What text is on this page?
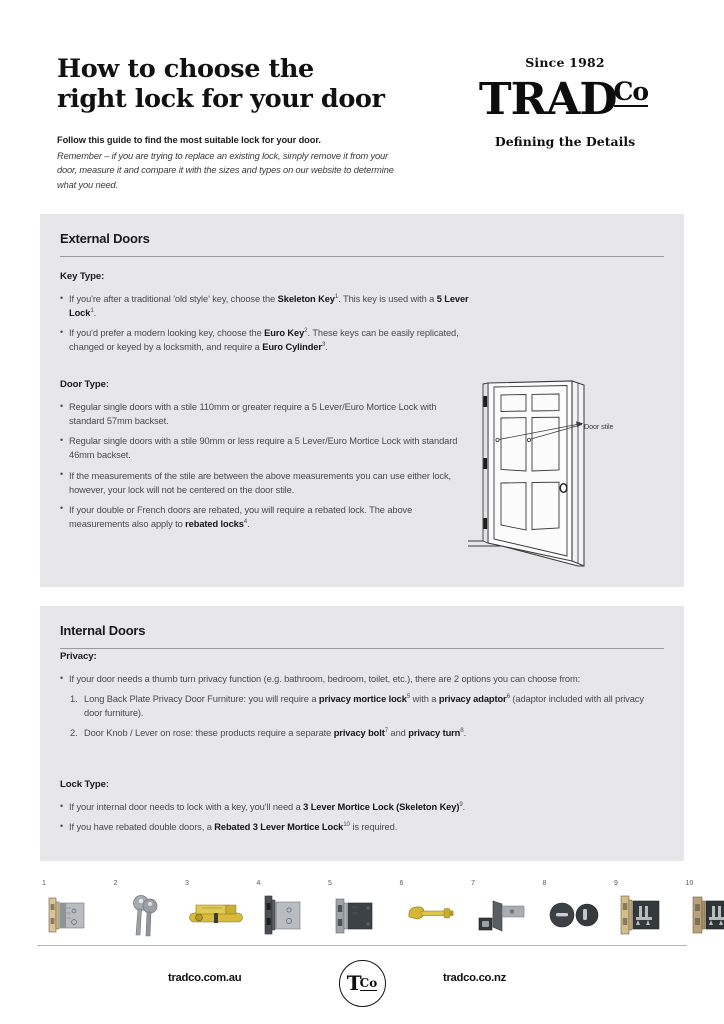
How to choose the right lock for your door
Follow this guide to find the most suitable lock for your door.
Remember – if you are trying to replace an existing lock, simply remove it from your door, measure it and compare it with the sizes and types on our website to determine what you need.
Since 1982
TRADCo
Defining the Details
External Doors
Key Type:
• If you're after a traditional 'old style' key, choose the Skeleton Key$^1$. This key is used with a 5 Lever Lock$^1$.
• If you'd prefer a modern looking key, choose the Euro Key$^2$. These keys can be easily replicated, changed or keyed by a locksmith, and require a Euro Cylinder$^3$.
Door Type:
• Regular single doors with a stile 110mm or greater require a 5 Lever/Euro Mortice Lock with standard 57mm backset.
• Regular single doors with a stile 90mm or less require a 5 Lever/Euro Mortice Lock with standard 46mm backset.
• If the measurements of the stile are between the above measurements you can use either lock, however, your lock will not be centered on the door stile.
• If your double or French doors are rebated, you will require a rebated lock. The above measurements also apply to rebated locks$^4$.
Door stile
Internal Doors
Privacy:
• If your door needs a thumb turn privacy function (e.g. bathroom, bedroom, toilet, etc.), there are 2 options you can choose from:
1. Long Back Plate Privacy Door Furniture: you will require a privacy mortice lock$^5$ with a privacy adaptor$^6$ (adaptor included with all privacy door furniture).
2. Door Knob / Lever on rose: these products require a separate privacy bolt$^7$ and privacy turn$^8$.
Lock Type:
• If your internal door needs to lock with a key, you'll need a 3 Lever Mortice Lock (Skeleton Key)$^9$.
• If you have rebated double doors, a Rebated 3 Lever Mortice Lock$^{10}$ is required.
1	2	3	4	5	6	7	8	9	10
tradco.com.au	TCo	tradco.co.nz
